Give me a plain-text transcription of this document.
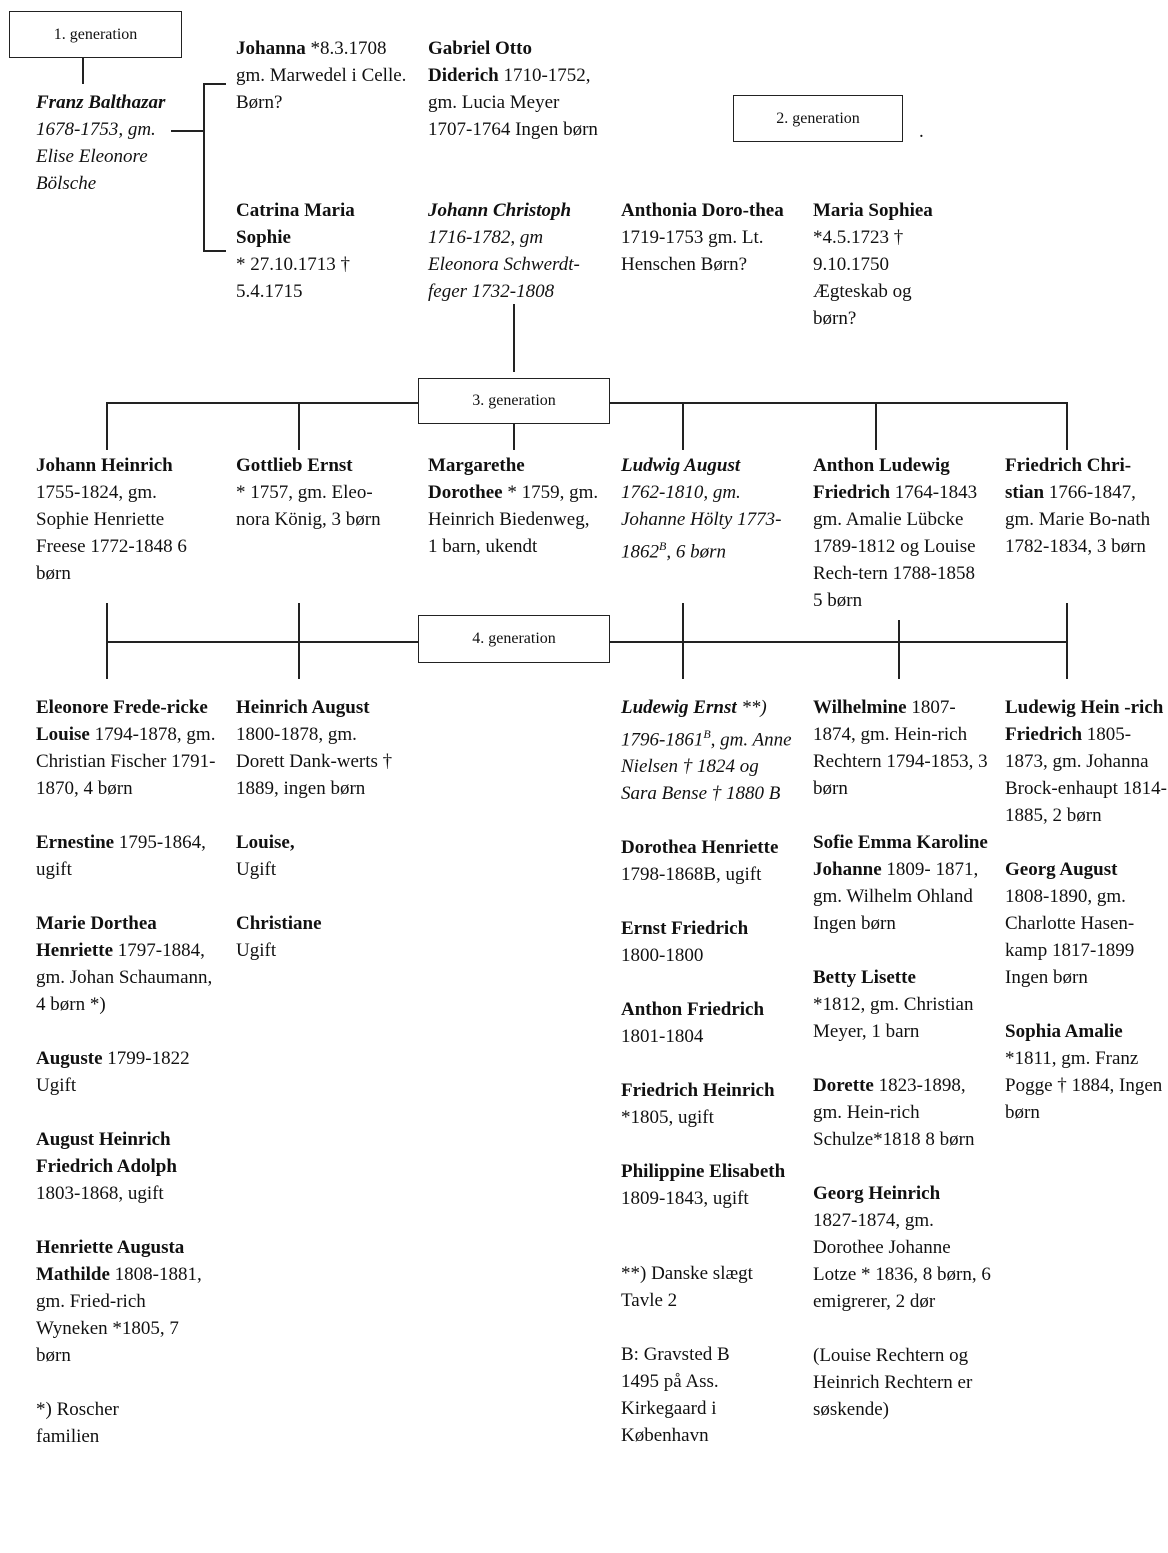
1. generation
2. generation
.
3. generation
4. generation
Franz Balthazar 1678-1753, gm. Elise Eleonore Bölsche
Johanna *8.3.1708 gm. Marwedel i Celle. Børn?
Gabriel Otto Diderich 1710-1752, gm. Lucia Meyer 1707-1764 Ingen børn
Catrina Maria Sophie
* 27.10.1713 † 5.4.1715
Johann Christoph
1716-1782, gm Eleonora Schwerdt-feger 1732-1808
Anthonia Doro-thea 1719-1753 gm. Lt. Henschen Børn?
Maria Sophiea
*4.5.1723 † 9.10.1750 Ægteskab og børn?
Johann Heinrich
1755-1824, gm. Sophie Henriette Freese 1772-1848 6 børn
Gottlieb Ernst
* 1757, gm. Eleo-nora König, 3 børn
Margarethe Dorothee * 1759, gm. Heinrich Biedenweg, 1 barn, ukendt
Ludwig August
1762-1810, gm. Johanne Hölty $1773-1862^B$, 6 børn
Anthon Ludewig Friedrich 1764-1843 gm. Amalie Lübcke 1789-1812 og Louise Rech-tern 1788-1858 5 børn
Friedrich Chri-stian 1766-1847, gm. Marie Bo-nath 1782-1834, 3 børn
Eleonore Frede-ricke Louise 1794-1878, gm. Christian Fischer 1791-1870, 4 børn
Ernestine 1795-1864, ugift
Marie Dorthea Henriette 1797-1884, gm. Johan Schaumann, 4 børn *)
Auguste 1799-1822 Ugift
August Heinrich Friedrich Adolph 1803-1868, ugift
Henriette Augusta Mathilde 1808-1881, gm. Fried-rich Wyneken *1805, 7 børn
*) Roscher familien
Heinrich August 1800-1878, gm. Dorett Dank-werts † 1889, ingen børn
Louise,
Ugift
Christiane
Ugift
Ludewig Ernst **) $1796-1861^B$, gm. Anne Nielsen † 1824 og Sara Bense † 1880 B
Dorothea Henriette 1798-1868B, ugift
Ernst Friedrich
1800-1800
Anthon Friedrich
1801-1804
Friedrich Heinrich
*1805, ugift
Philippine Elisabeth 1809-1843, ugift
**) Danske slægt Tavle 2
B: Gravsted B 1495 på Ass. Kirkegaard i København
Wilhelmine 1807-1874, gm. Hein-rich Rechtern 1794-1853, 3 børn
Sofie Emma Karoline Johanne 1809- 1871, gm. Wilhelm Ohland Ingen børn
Betty Lisette
*1812, gm. Christian Meyer, 1 barn
Dorette 1823-1898, gm. Hein-rich Schulze*1818 8 børn
Georg Heinrich
1827-1874, gm. Dorothee Johanne Lotze * 1836, 8 børn, 6 emigrerer, 2 dør
(Louise Rechtern og Heinrich Rechtern er søskende)
Ludewig Hein -rich Friedrich 1805-1873, gm. Johanna Brock-enhaupt 1814-1885, 2 børn
Georg August
1808-1890, gm. Charlotte Hasen-kamp 1817-1899 Ingen børn
Sophia Amalie
*1811, gm. Franz Pogge † 1884, Ingen børn
